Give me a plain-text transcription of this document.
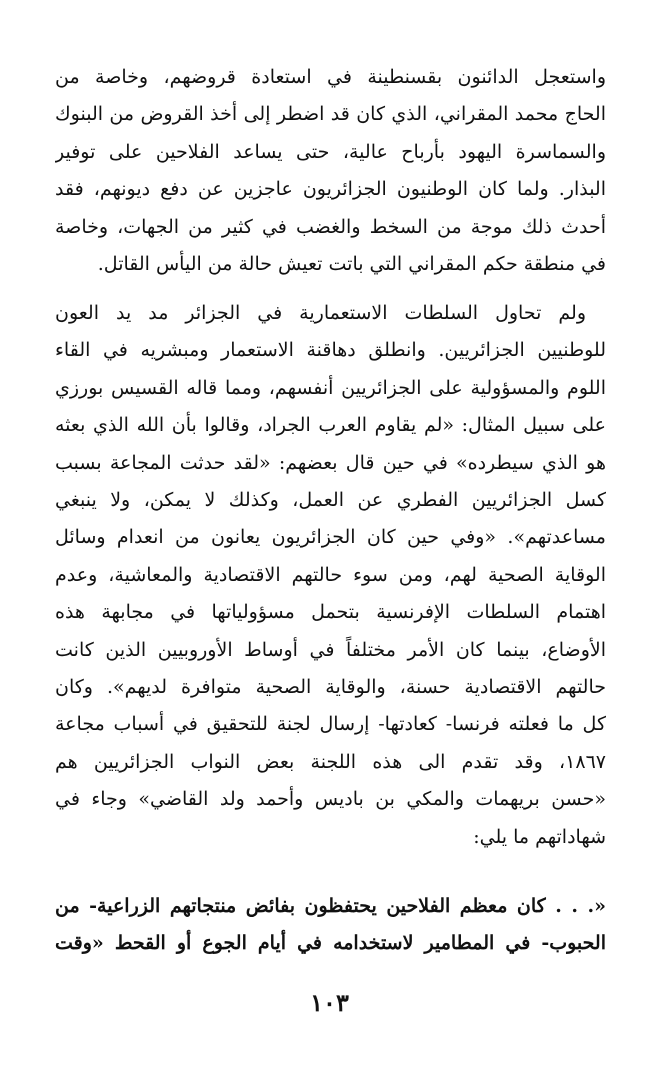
واستعجل الدائنون بقسنطينة في استعادة قروضهم، وخاصة من
الحاج محمد المقراني، الذي كان قد اضطر إلى أخذ القروض من البنوك
والسماسرة اليهود بأرباح عالية، حتى يساعد الفلاحين على توفير
البذار. ولما كان الوطنيون الجزائريون عاجزين عن دفع ديونهم، فقد
أحدث ذلك موجة من السخط والغضب في كثير من الجهات، وخاصة
في منطقة حكم المقراني التي باتت تعيش حالة من اليأس القاتل.
ولم تحاول السلطات الاستعمارية في الجزائر مد يد العون
للوطنيين الجزائريين. وانطلق دهاقنة الاستعمار ومبشريه في القاء
اللوم والمسؤولية على الجزائريين أنفسهم، ومما قاله القسيس بورزي
على سبيل المثال: «لم يقاوم العرب الجراد، وقالوا بأن الله الذي بعثه
هو الذي سيطرده» في حين قال بعضهم: «لقد حدثت المجاعة بسبب
كسل الجزائريين الفطري عن العمل، وكذلك لا يمكن، ولا ينبغي
مساعدتهم». «وفي حين كان الجزائريون يعانون من انعدام وسائل
الوقاية الصحية لهم، ومن سوء حالتهم الاقتصادية والمعاشية، وعدم
اهتمام السلطات الإفرنسية بتحمل مسؤولياتها في مجابهة هذه
الأوضاع، بينما كان الأمر مختلفاً في أوساط الأوروبيين الذين كانت
حالتهم الاقتصادية حسنة، والوقاية الصحية متوافرة لديهم». وكان
كل ما فعلته فرنسا- كعادتها- إرسال لجنة للتحقيق في أسباب مجاعة
١٨٦٧، وقد تقدم الى هذه اللجنة بعض النواب الجزائريين هم
«حسن بريهمات والمكي بن باديس وأحمد ولد القاضي» وجاء في
شهاداتهم ما يلي:
«. . . كان معظم الفلاحين يحتفظون بفائض منتجاتهم الزراعية- من
الحبوب- في المطامير لاستخدامه في أيام الجوع أو القحط «وقت
١٠٣
